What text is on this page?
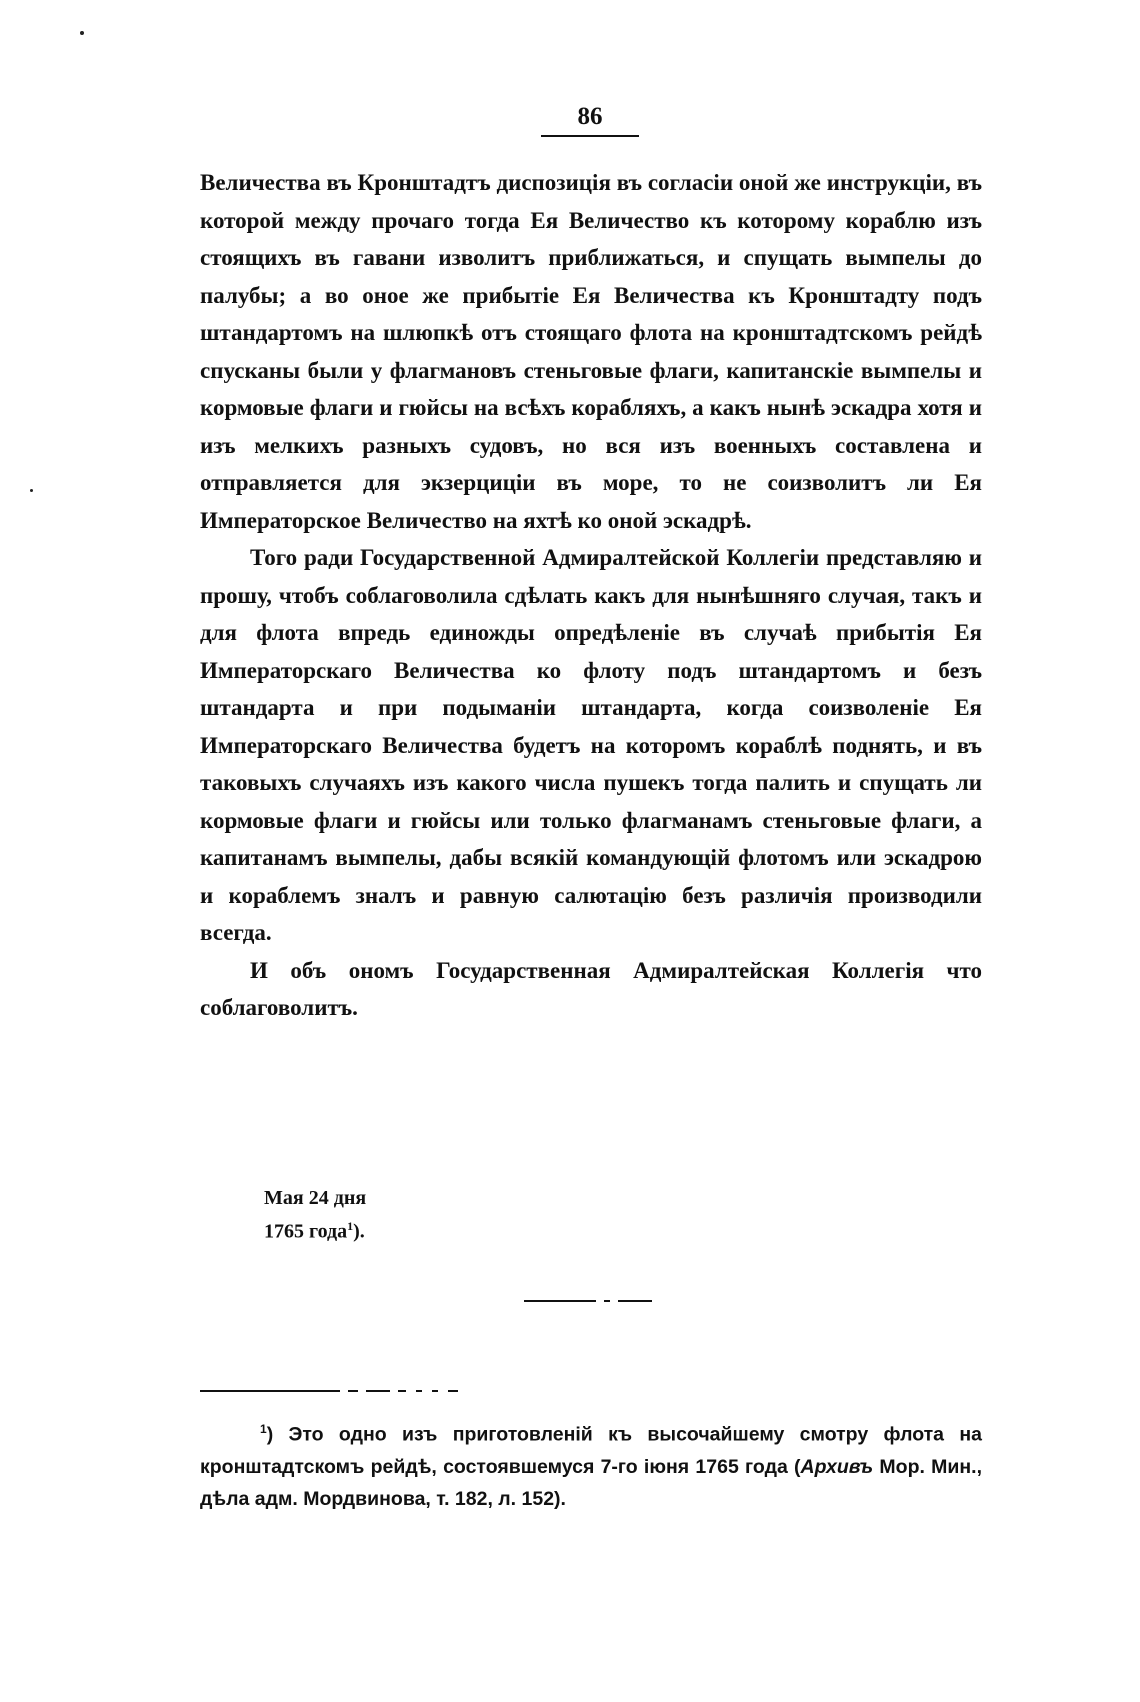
86

Величества въ Кронштадтъ диспозиція въ согласіи оной же инструкціи, въ которой между прочаго тогда Ея Величество къ которому кораблю изъ стоящихъ въ гавани изволитъ приближаться, и спущать вымпелы до палубы; а во оное же прибытіе Ея Величества къ Кронштадту подъ штандартомъ на шлюпкѣ отъ стоящаго флота на кронштадтскомъ рейдѣ спусканы были у флагмановъ стеньговые флаги, капитанскіе вымпелы и кормовые флаги и гюйсы на всѣхъ корабляхъ, а какъ нынѣ эскадра хотя и изъ мелкихъ разныхъ судовъ, но вся изъ военныхъ составлена и отправляется для экзерциціи въ море, то не соизволитъ ли Ея Императорское Величество на яхтѣ ко оной эскадрѣ.

Того ради Государственной Адмиралтейской Коллегіи представляю и прошу, чтобъ соблаговолила сдѣлать какъ для нынѣшняго случая, такъ и для флота впредь единожды опредѣленіе въ случаѣ прибытія Ея Императорскаго Величества ко флоту подъ штандартомъ и безъ штандарта и при подыманіи штандарта, когда соизволеніе Ея Императорскаго Величества будетъ на которомъ кораблѣ поднять, и въ таковыхъ случаяхъ изъ какого числа пушекъ тогда палить и спущать ли кормовые флаги и гюйсы или только флагманамъ стеньговые флаги, а капитанамъ вымпелы, дабы всякій командующій флотомъ или эскадрою и кораблемъ зналъ и равную салютацію безъ различія производили всегда.

И объ ономъ Государственная Адмиралтейская Коллегія что соблаговолитъ.

Мая 24 дня
1765 года$^1$).
$^1$) Это одно изъ приготовленій къ высочайшему смотру флота на кронштадтскомъ рейдѣ, состоявшемуся 7-го іюня 1765 года (Архивъ Мор. Мин., дѣла адм. Мордвинова, т. 182, л. 152).
